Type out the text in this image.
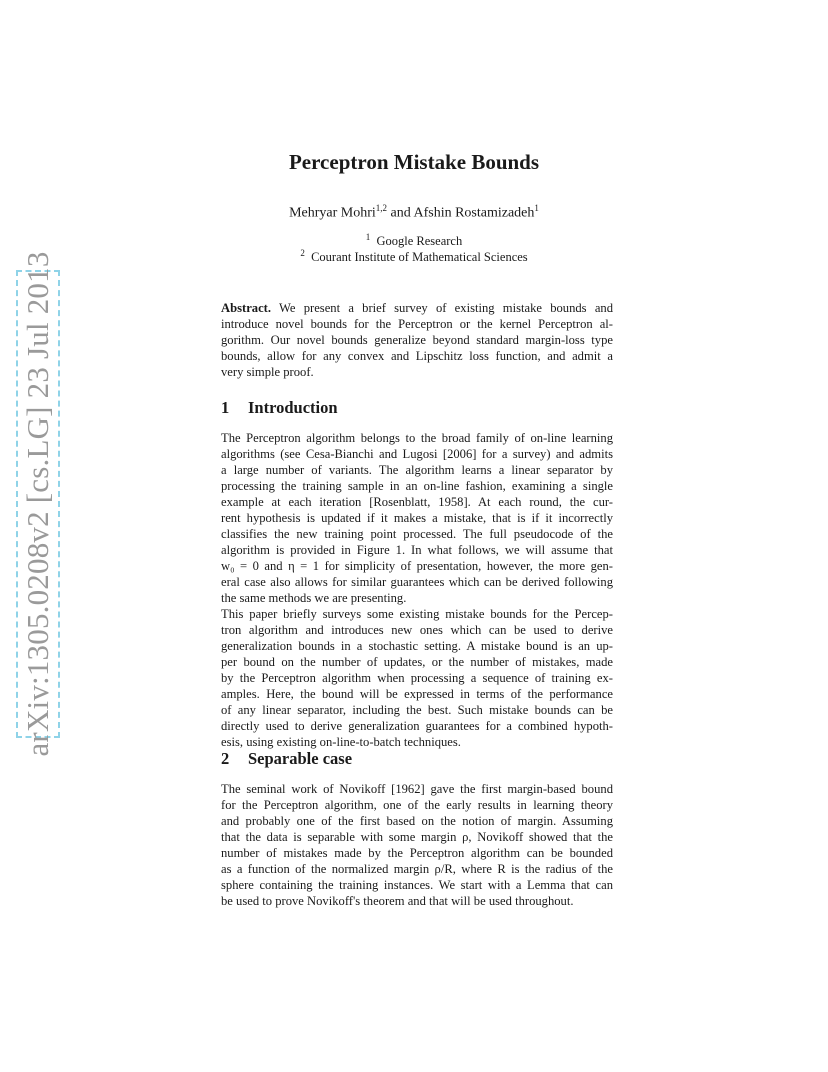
arXiv:1305.0208v2 [cs.LG] 23 Jul 2013
Perceptron Mistake Bounds
Mehryar Mohri$^{1,2}$ and Afshin Rostamizadeh$^1$
$^1$ Google Research
$^2$ Courant Institute of Mathematical Sciences
Abstract. We present a brief survey of existing mistake bounds and
introduce novel bounds for the Perceptron or the kernel Perceptron al-
gorithm. Our novel bounds generalize beyond standard margin-loss type
bounds, allow for any convex and Lipschitz loss function, and admit a
very simple proof.
1 Introduction
The Perceptron algorithm belongs to the broad family of on-line learning
algorithms (see Cesa-Bianchi and Lugosi [2006] for a survey) and admits
a large number of variants. The algorithm learns a linear separator by
processing the training sample in an on-line fashion, examining a single
example at each iteration [Rosenblatt, 1958]. At each round, the cur-
rent hypothesis is updated if it makes a mistake, that is if it incorrectly
classifies the new training point processed. The full pseudocode of the
algorithm is provided in Figure 1. In what follows, we will assume that
w₀ = 0 and η = 1 for simplicity of presentation, however, the more gen-
eral case also allows for similar guarantees which can be derived following
the same methods we are presenting.
This paper briefly surveys some existing mistake bounds for the Percep-
tron algorithm and introduces new ones which can be used to derive
generalization bounds in a stochastic setting. A mistake bound is an up-
per bound on the number of updates, or the number of mistakes, made
by the Perceptron algorithm when processing a sequence of training ex-
amples. Here, the bound will be expressed in terms of the performance
of any linear separator, including the best. Such mistake bounds can be
directly used to derive generalization guarantees for a combined hypoth-
esis, using existing on-line-to-batch techniques.
2 Separable case
The seminal work of Novikoff [1962] gave the first margin-based bound
for the Perceptron algorithm, one of the early results in learning theory
and probably one of the first based on the notion of margin. Assuming
that the data is separable with some margin ρ, Novikoff showed that the
number of mistakes made by the Perceptron algorithm can be bounded
as a function of the normalized margin ρ/R, where R is the radius of the
sphere containing the training instances. We start with a Lemma that can
be used to prove Novikoff's theorem and that will be used throughout.
